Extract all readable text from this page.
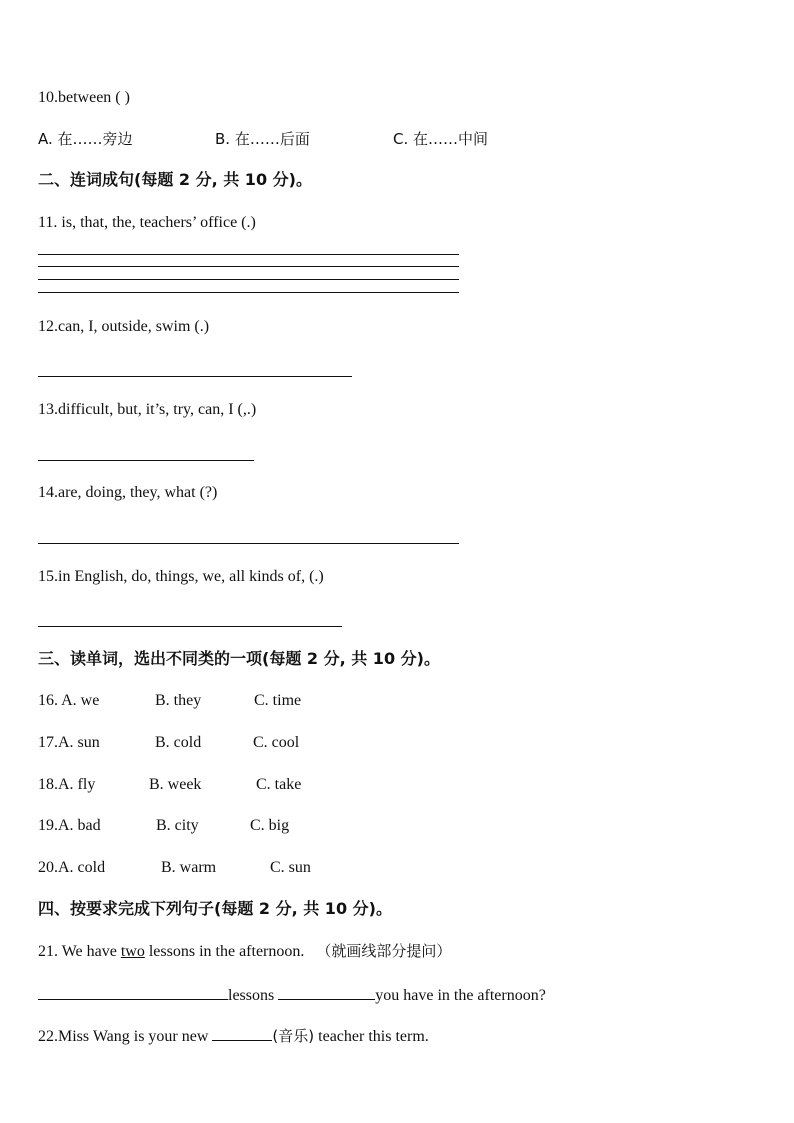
10.between ( )
A. 在……旁边	B. 在……后面	C. 在……中间
二、连词成句(每题 2 分, 共 10 分)。
11. is, that, the, teachers’ office (.)
12.can, I, outside, swim (.)
13.difficult, but, it’s, try, can, I (,.)
14.are, doing, they, what (?)
15.in English, do, things, we, all kinds of, (.)
三、读单词，选出不同类的一项(每题 2 分, 共 10 分)。
16. A. we	B. they	C. time
17.A. sun	B. cold	C. cool
18.A. fly	B. week	C. take
19.A. bad	B. city	C. big
20.A. cold	B. warm	C. sun
四、按要求完成下列句子(每题 2 分, 共 10 分)。
21. We have two lessons in the afternoon. （就画线部分提问）
lessons	you have in the afternoon?
22.Miss Wang is your new	(音乐) teacher this term.
